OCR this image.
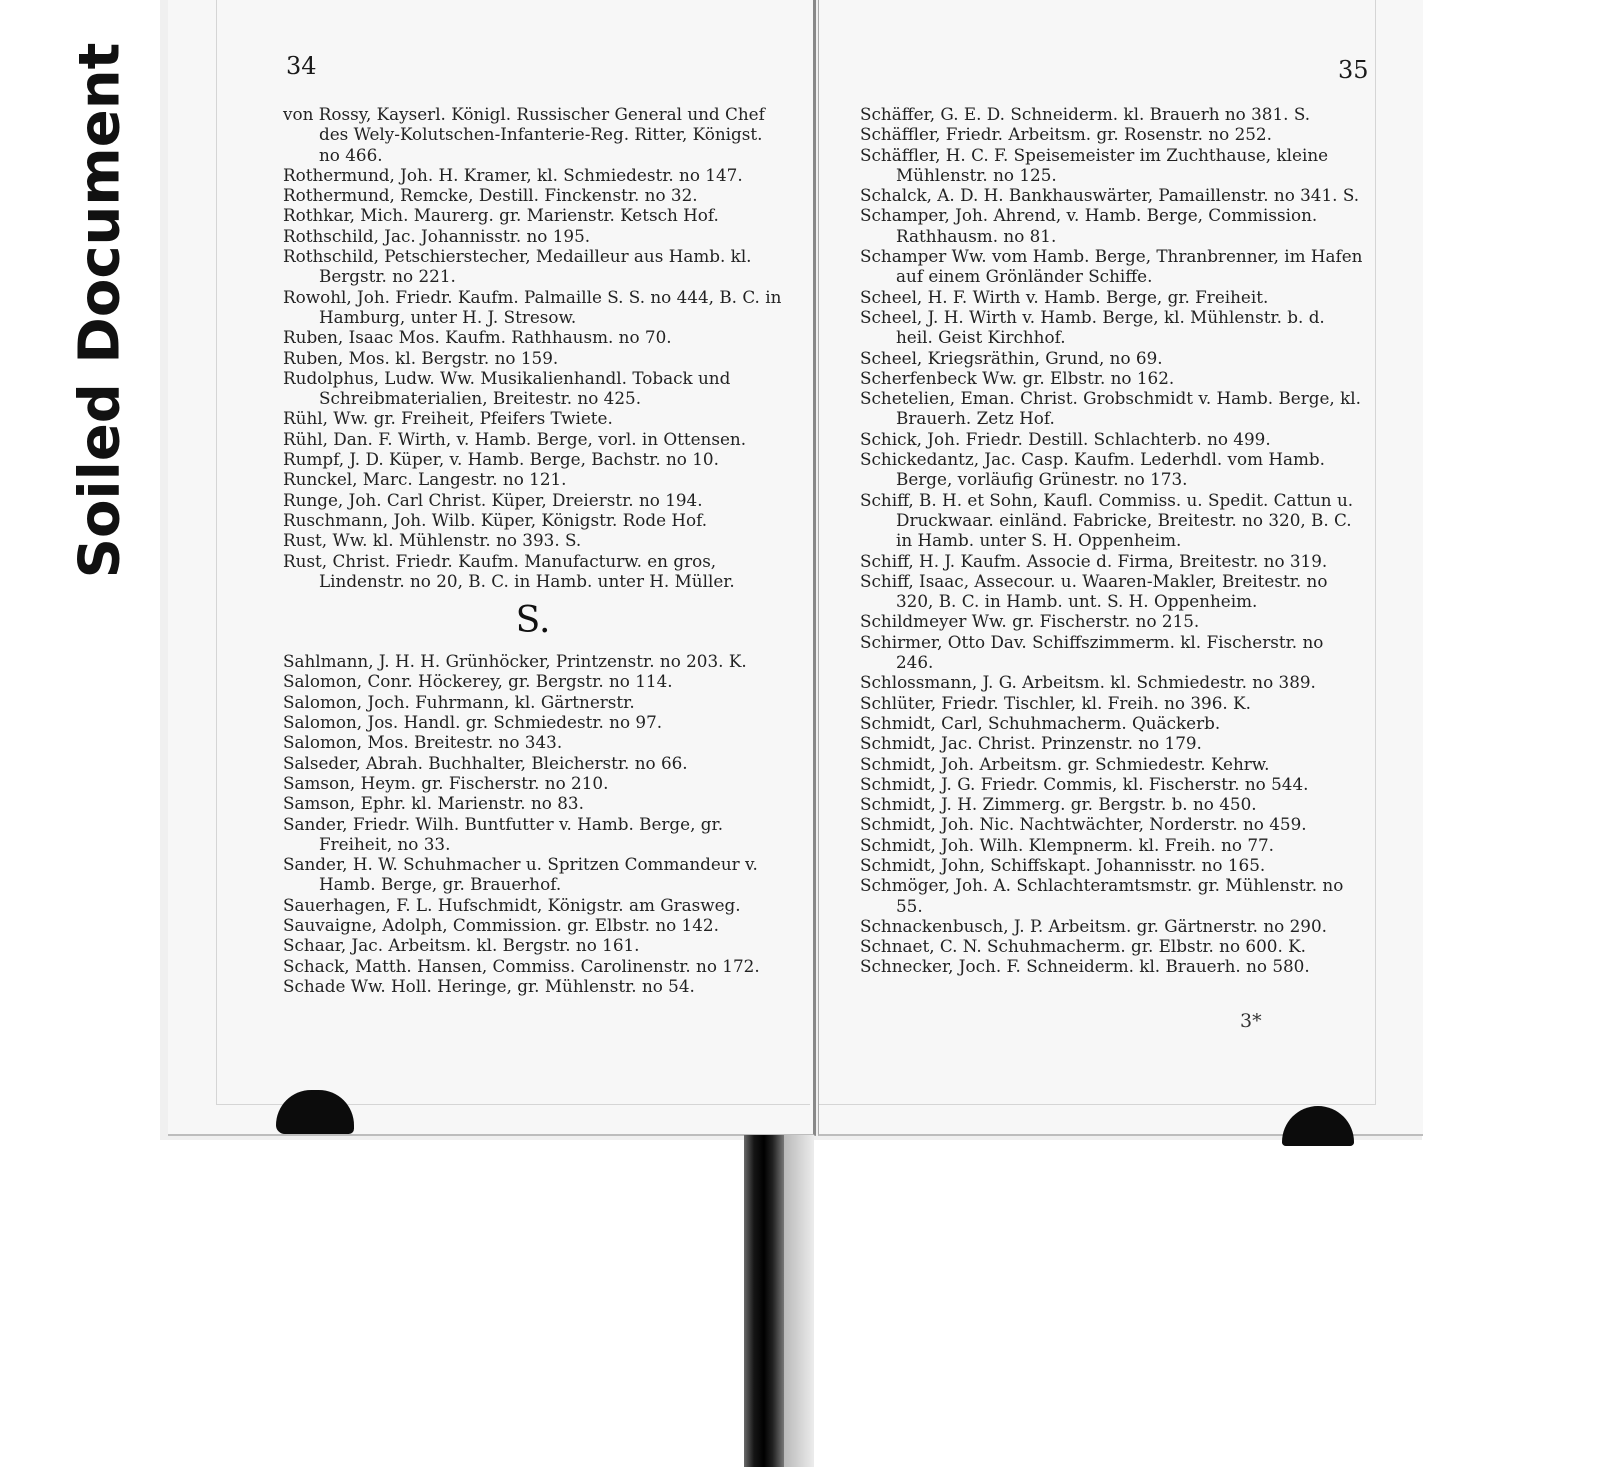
Soiled Document	34	35
von Rossy, Kayserl. Königl. Russischer General und Chef des Wely-Kolutschen-Infanterie-Reg. Ritter, Königst. no 466.
Rothermund, Joh. H. Kramer, kl. Schmiedestr. no 147.
Rothermund, Remcke, Destill. Finckenstr. no 32.
Rothkar, Mich. Maurerg. gr. Marienstr. Ketsch Hof.
Rothschild, Jac. Johannisstr. no 195.
Rothschild, Petschierstecher, Medailleur aus Hamb. kl. Bergstr. no 221.
Rowohl, Joh. Friedr. Kaufm. Palmaille S. S. no 444, B. C. in Hamburg, unter H. J. Stresow.
Ruben, Isaac Mos. Kaufm. Rathhausm. no 70.
Ruben, Mos. kl. Bergstr. no 159.
Rudolphus, Ludw. Ww. Musikalienhandl. Toback und Schreibmaterialien, Breitestr. no 425.
Rühl, Ww. gr. Freiheit, Pfeifers Twiete.
Rühl, Dan. F. Wirth, v. Hamb. Berge, vorl. in Ottensen.
Rumpf, J. D. Küper, v. Hamb. Berge, Bachstr. no 10.
Runckel, Marc. Langestr. no 121.
Runge, Joh. Carl Christ. Küper, Dreierstr. no 194.
Ruschmann, Joh. Wilb. Küper, Königstr. Rode Hof.
Rust, Ww. kl. Mühlenstr. no 393. S.
Rust, Christ. Friedr. Kaufm. Manufacturw. en gros, Lindenstr. no 20, B. C. in Hamb. unter H. Müller.
S.
Sahlmann, J. H. H. Grünhöcker, Printzenstr. no 203. K.
Salomon, Conr. Höckerey, gr. Bergstr. no 114.
Salomon, Joch. Fuhrmann, kl. Gärtnerstr.
Salomon, Jos. Handl. gr. Schmiedestr. no 97.
Salomon, Mos. Breitestr. no 343.
Salseder, Abrah. Buchhalter, Bleicherstr. no 66.
Samson, Heym. gr. Fischerstr. no 210.
Samson, Ephr. kl. Marienstr. no 83.
Sander, Friedr. Wilh. Buntfutter v. Hamb. Berge, gr. Freiheit, no 33.
Sander, H. W. Schuhmacher u. Spritzen Commandeur v. Hamb. Berge, gr. Brauerhof.
Sauerhagen, F. L. Hufschmidt, Königstr. am Grasweg.
Sauvaigne, Adolph, Commission. gr. Elbstr. no 142.
Schaar, Jac. Arbeitsm. kl. Bergstr. no 161.
Schack, Matth. Hansen, Commiss. Carolinenstr. no 172.
Schade Ww. Holl. Heringe, gr. Mühlenstr. no 54.
Schäffer, G. E. D. Schneiderm. kl. Brauerh no 381. S.
Schäffler, Friedr. Arbeitsm. gr. Rosenstr. no 252.
Schäffler, H. C. F. Speisemeister im Zuchthause, kleine Mühlenstr. no 125.
Schalck, A. D. H. Bankhauswärter, Pamaillenstr. no 341. S.
Schamper, Joh. Ahrend, v. Hamb. Berge, Commission. Rathhausm. no 81.
Schamper Ww. vom Hamb. Berge, Thranbrenner, im Hafen auf einem Grönländer Schiffe.
Scheel, H. F. Wirth v. Hamb. Berge, gr. Freiheit.
Scheel, J. H. Wirth v. Hamb. Berge, kl. Mühlenstr. b. d. heil. Geist Kirchhof.
Scheel, Kriegsräthin, Grund, no 69.
Scherfenbeck Ww. gr. Elbstr. no 162.
Schetelien, Eman. Christ. Grobschmidt v. Hamb. Berge, kl. Brauerh. Zetz Hof.
Schick, Joh. Friedr. Destill. Schlachterb. no 499.
Schickedantz, Jac. Casp. Kaufm. Lederhdl. vom Hamb. Berge, vorläufig Grünestr. no 173.
Schiff, B. H. et Sohn, Kaufl. Commiss. u. Spedit. Cattun u. Druckwaar. einländ. Fabricke, Breitestr. no 320, B. C. in Hamb. unter S. H. Oppenheim.
Schiff, H. J. Kaufm. Associe d. Firma, Breitestr. no 319.
Schiff, Isaac, Assecour. u. Waaren-Makler, Breitestr. no 320, B. C. in Hamb. unt. S. H. Oppenheim.
Schildmeyer Ww. gr. Fischerstr. no 215.
Schirmer, Otto Dav. Schiffszimmerm. kl. Fischerstr. no 246.
Schlossmann, J. G. Arbeitsm. kl. Schmiedestr. no 389.
Schlüter, Friedr. Tischler, kl. Freih. no 396. K.
Schmidt, Carl, Schuhmacherm. Quäckerb.
Schmidt, Jac. Christ. Prinzenstr. no 179.
Schmidt, Joh. Arbeitsm. gr. Schmiedestr. Kehrw.
Schmidt, J. G. Friedr. Commis, kl. Fischerstr. no 544.
Schmidt, J. H. Zimmerg. gr. Bergstr. b. no 450.
Schmidt, Joh. Nic. Nachtwächter, Norderstr. no 459.
Schmidt, Joh. Wilh. Klempnerm. kl. Freih. no 77.
Schmidt, John, Schiffskapt. Johannisstr. no 165.
Schmöger, Joh. A. Schlachteramtsmstr. gr. Mühlenstr. no 55.
Schnackenbusch, J. P. Arbeitsm. gr. Gärtnerstr. no 290.
Schnaet, C. N. Schuhmacherm. gr. Elbstr. no 600. K.
Schnecker, Joch. F. Schneiderm. kl. Brauerh. no 580.
3*
